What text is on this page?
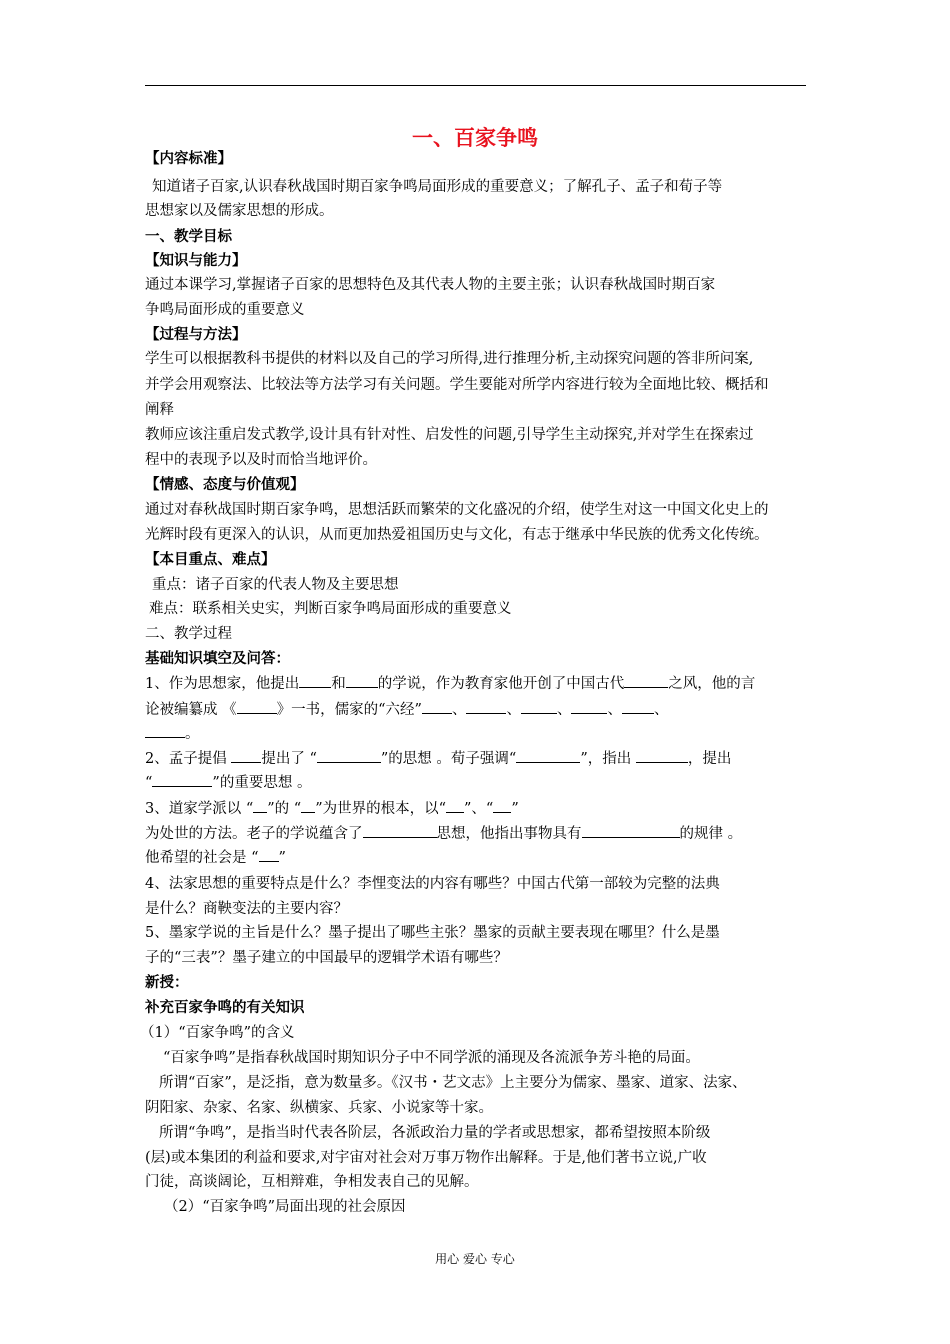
一、百家争鸣
【内容标准】
知道诸子百家,认识春秋战国时期百家争鸣局面形成的重要意义；了解孔子、孟子和荀子等
思想家以及儒家思想的形成。
一、教学目标
【知识与能力】
通过本课学习,掌握诸子百家的思想特色及其代表人物的主要主张；认识春秋战国时期百家
争鸣局面形成的重要意义
【过程与方法】
学生可以根据教科书提供的材料以及自己的学习所得,进行推理分析,主动探究问题的答非所问案,
并学会用观察法、比较法等方法学习有关问题。学生要能对所学内容进行较为全面地比较、概括和
阐释
教师应该注重启发式教学,设计具有针对性、启发性的问题,引导学生主动探究,并对学生在探索过
程中的表现予以及时而恰当地评价。
【情感、态度与价值观】
通过对春秋战国时期百家争鸣，思想活跃而繁荣的文化盛况的介绍，使学生对这一中国文化史上的
光辉时段有更深入的认识，从而更加热爱祖国历史与文化，有志于继承中华民族的优秀文化传统。
【本目重点、难点】
重点：诸子百家的代表人物及主要思想
难点：联系相关史实，判断百家争鸣局面形成的重要意义
二、教学过程
基础知识填空及问答：
1、作为思想家，他提出 和 的学说，作为教育家他开创了中国古代	之风，他的言
论被编纂成 《	》一书，儒家的“六经” 、	、 、 、 、
。
2、孟子提倡 提出了 “	”的思想 。荀子强调“	”，指出	，提出
“	”的重要思想 。
3、道家学派以 “ ”的 “ ”为世界的根本，以“ ”、“ ”
为处世的方法。老子的学说蕴含了	思想，他指出事物具有	的规律 。
他希望的社会是 “ ”
4、法家思想的重要特点是什么？李悝变法的内容有哪些？中国古代第一部较为完整的法典
是什么？商鞅变法的主要内容？
5、墨家学说的主旨是什么？墨子提出了哪些主张？墨家的贡献主要表现在哪里？什么是墨
子的“三表”？墨子建立的中国最早的逻辑学术语有哪些？
新授：
补充百家争鸣的有关知识
（1）“百家争鸣”的含义
“百家争鸣”是指春秋战国时期知识分子中不同学派的涌现及各流派争芳斗艳的局面。
所谓“百家”，是泛指，意为数量多。《汉书・艺文志》上主要分为儒家、墨家、道家、法家、
阴阳家、杂家、名家、纵横家、兵家、小说家等十家。
所谓“争鸣”，是指当时代表各阶层，各派政治力量的学者或思想家，都希望按照本阶级
(层)或本集团的利益和要求,对宇宙对社会对万事万物作出解释。于是,他们著书立说,广收
门徒，高谈阔论，互相辩难，争相发表自己的见解。
（2）“百家争鸣”局面出现的社会原因
用心 爱心 专心
